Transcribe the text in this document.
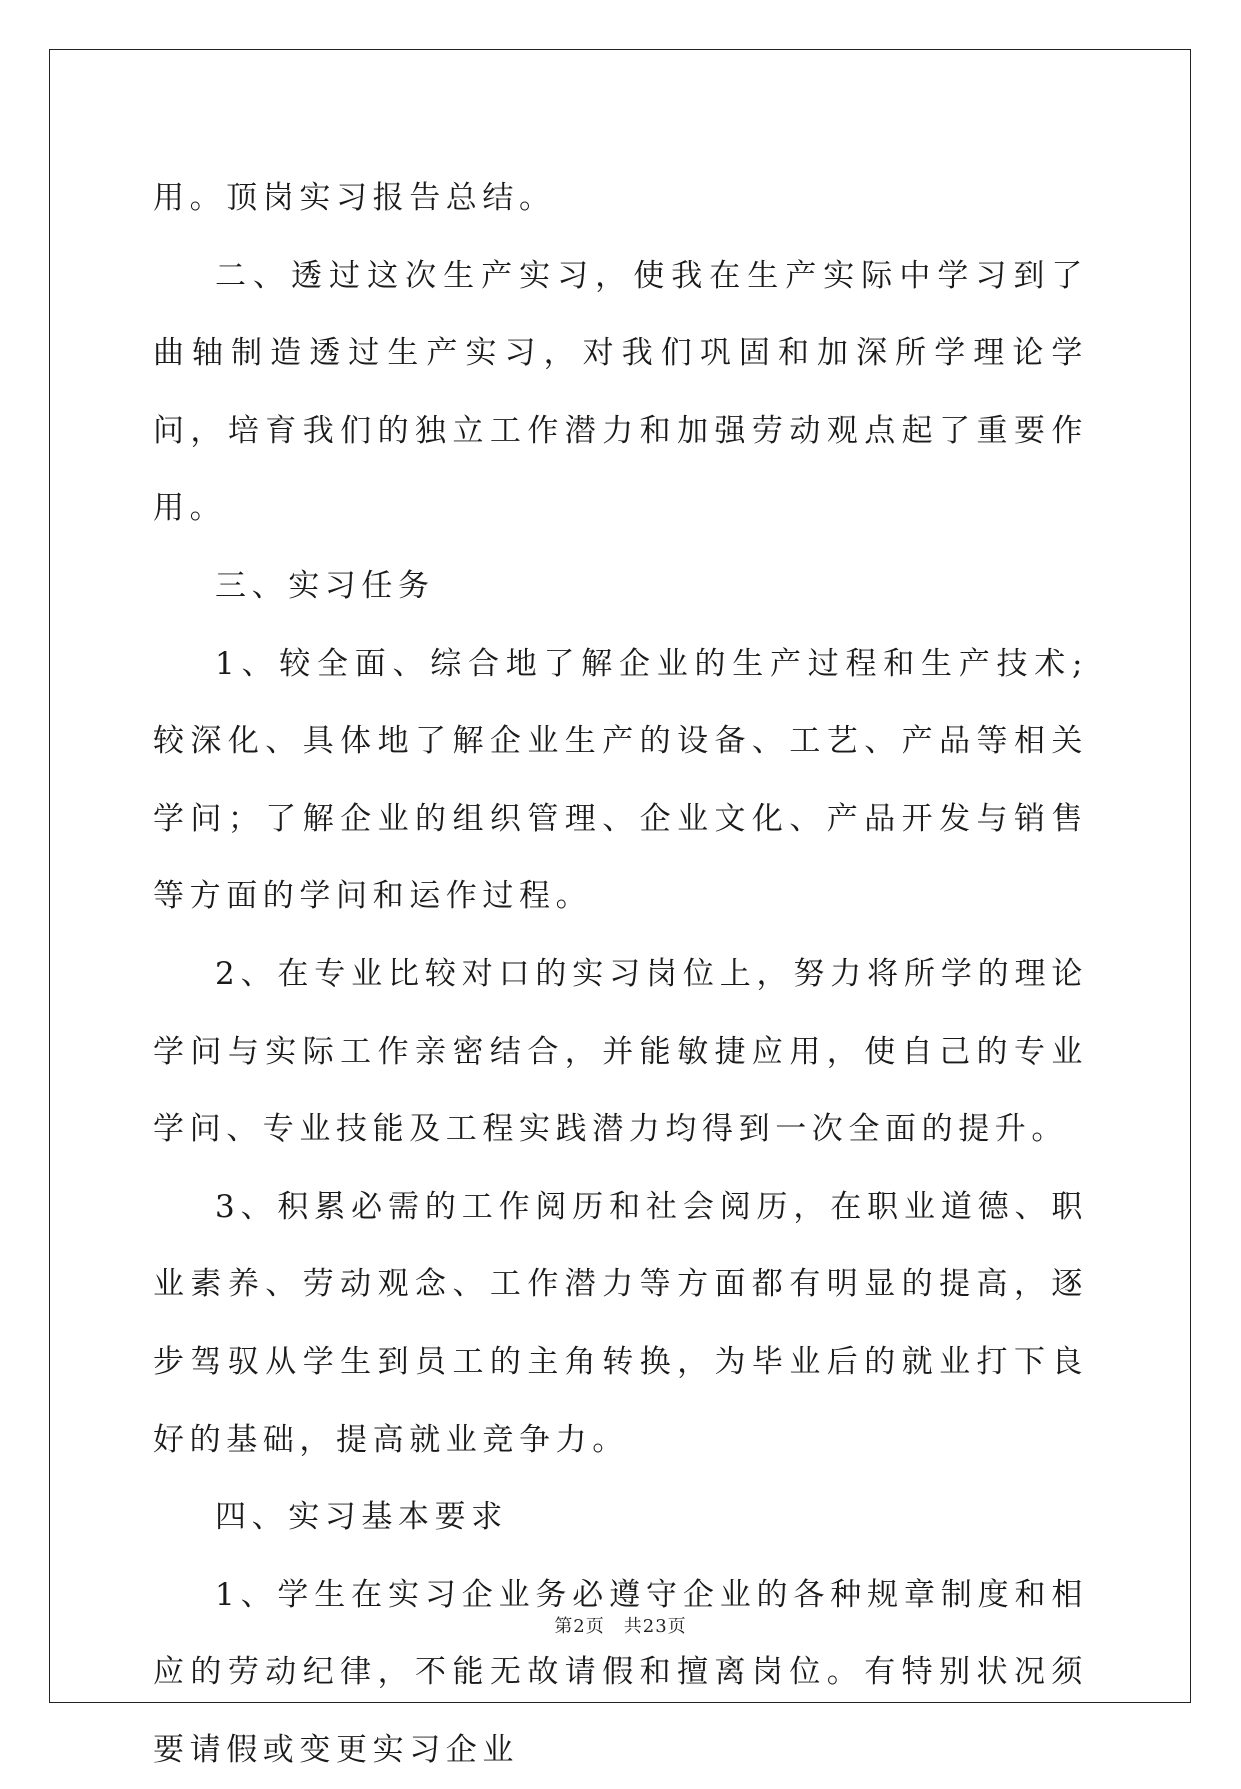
用。顶岗实习报告总结。

二、透过这次生产实习，使我在生产实际中学习到了曲轴制造透过生产实习，对我们巩固和加深所学理论学问，培育我们的独立工作潜力和加强劳动观点起了重要作用。

三、实习任务

1、较全面、综合地了解企业的生产过程和生产技术;较深化、具体地了解企业生产的设备、工艺、产品等相关学问；了解企业的组织管理、企业文化、产品开发与销售等方面的学问和运作过程。

2、在专业比较对口的实习岗位上，努力将所学的理论学问与实际工作亲密结合，并能敏捷应用，使自己的专业学问、专业技能及工程实践潜力均得到一次全面的提升。

3、积累必需的工作阅历和社会阅历，在职业道德、职业素养、劳动观念、工作潜力等方面都有明显的提高，逐步驾驭从学生到员工的主角转换，为毕业后的就业打下良好的基础，提高就业竞争力。

四、实习基本要求

1、学生在实习企业务必遵守企业的各种规章制度和相应的劳动纪律，不能无故请假和擅离岗位。有特别状况须要请假或变更实习企业

第2页　共23页
